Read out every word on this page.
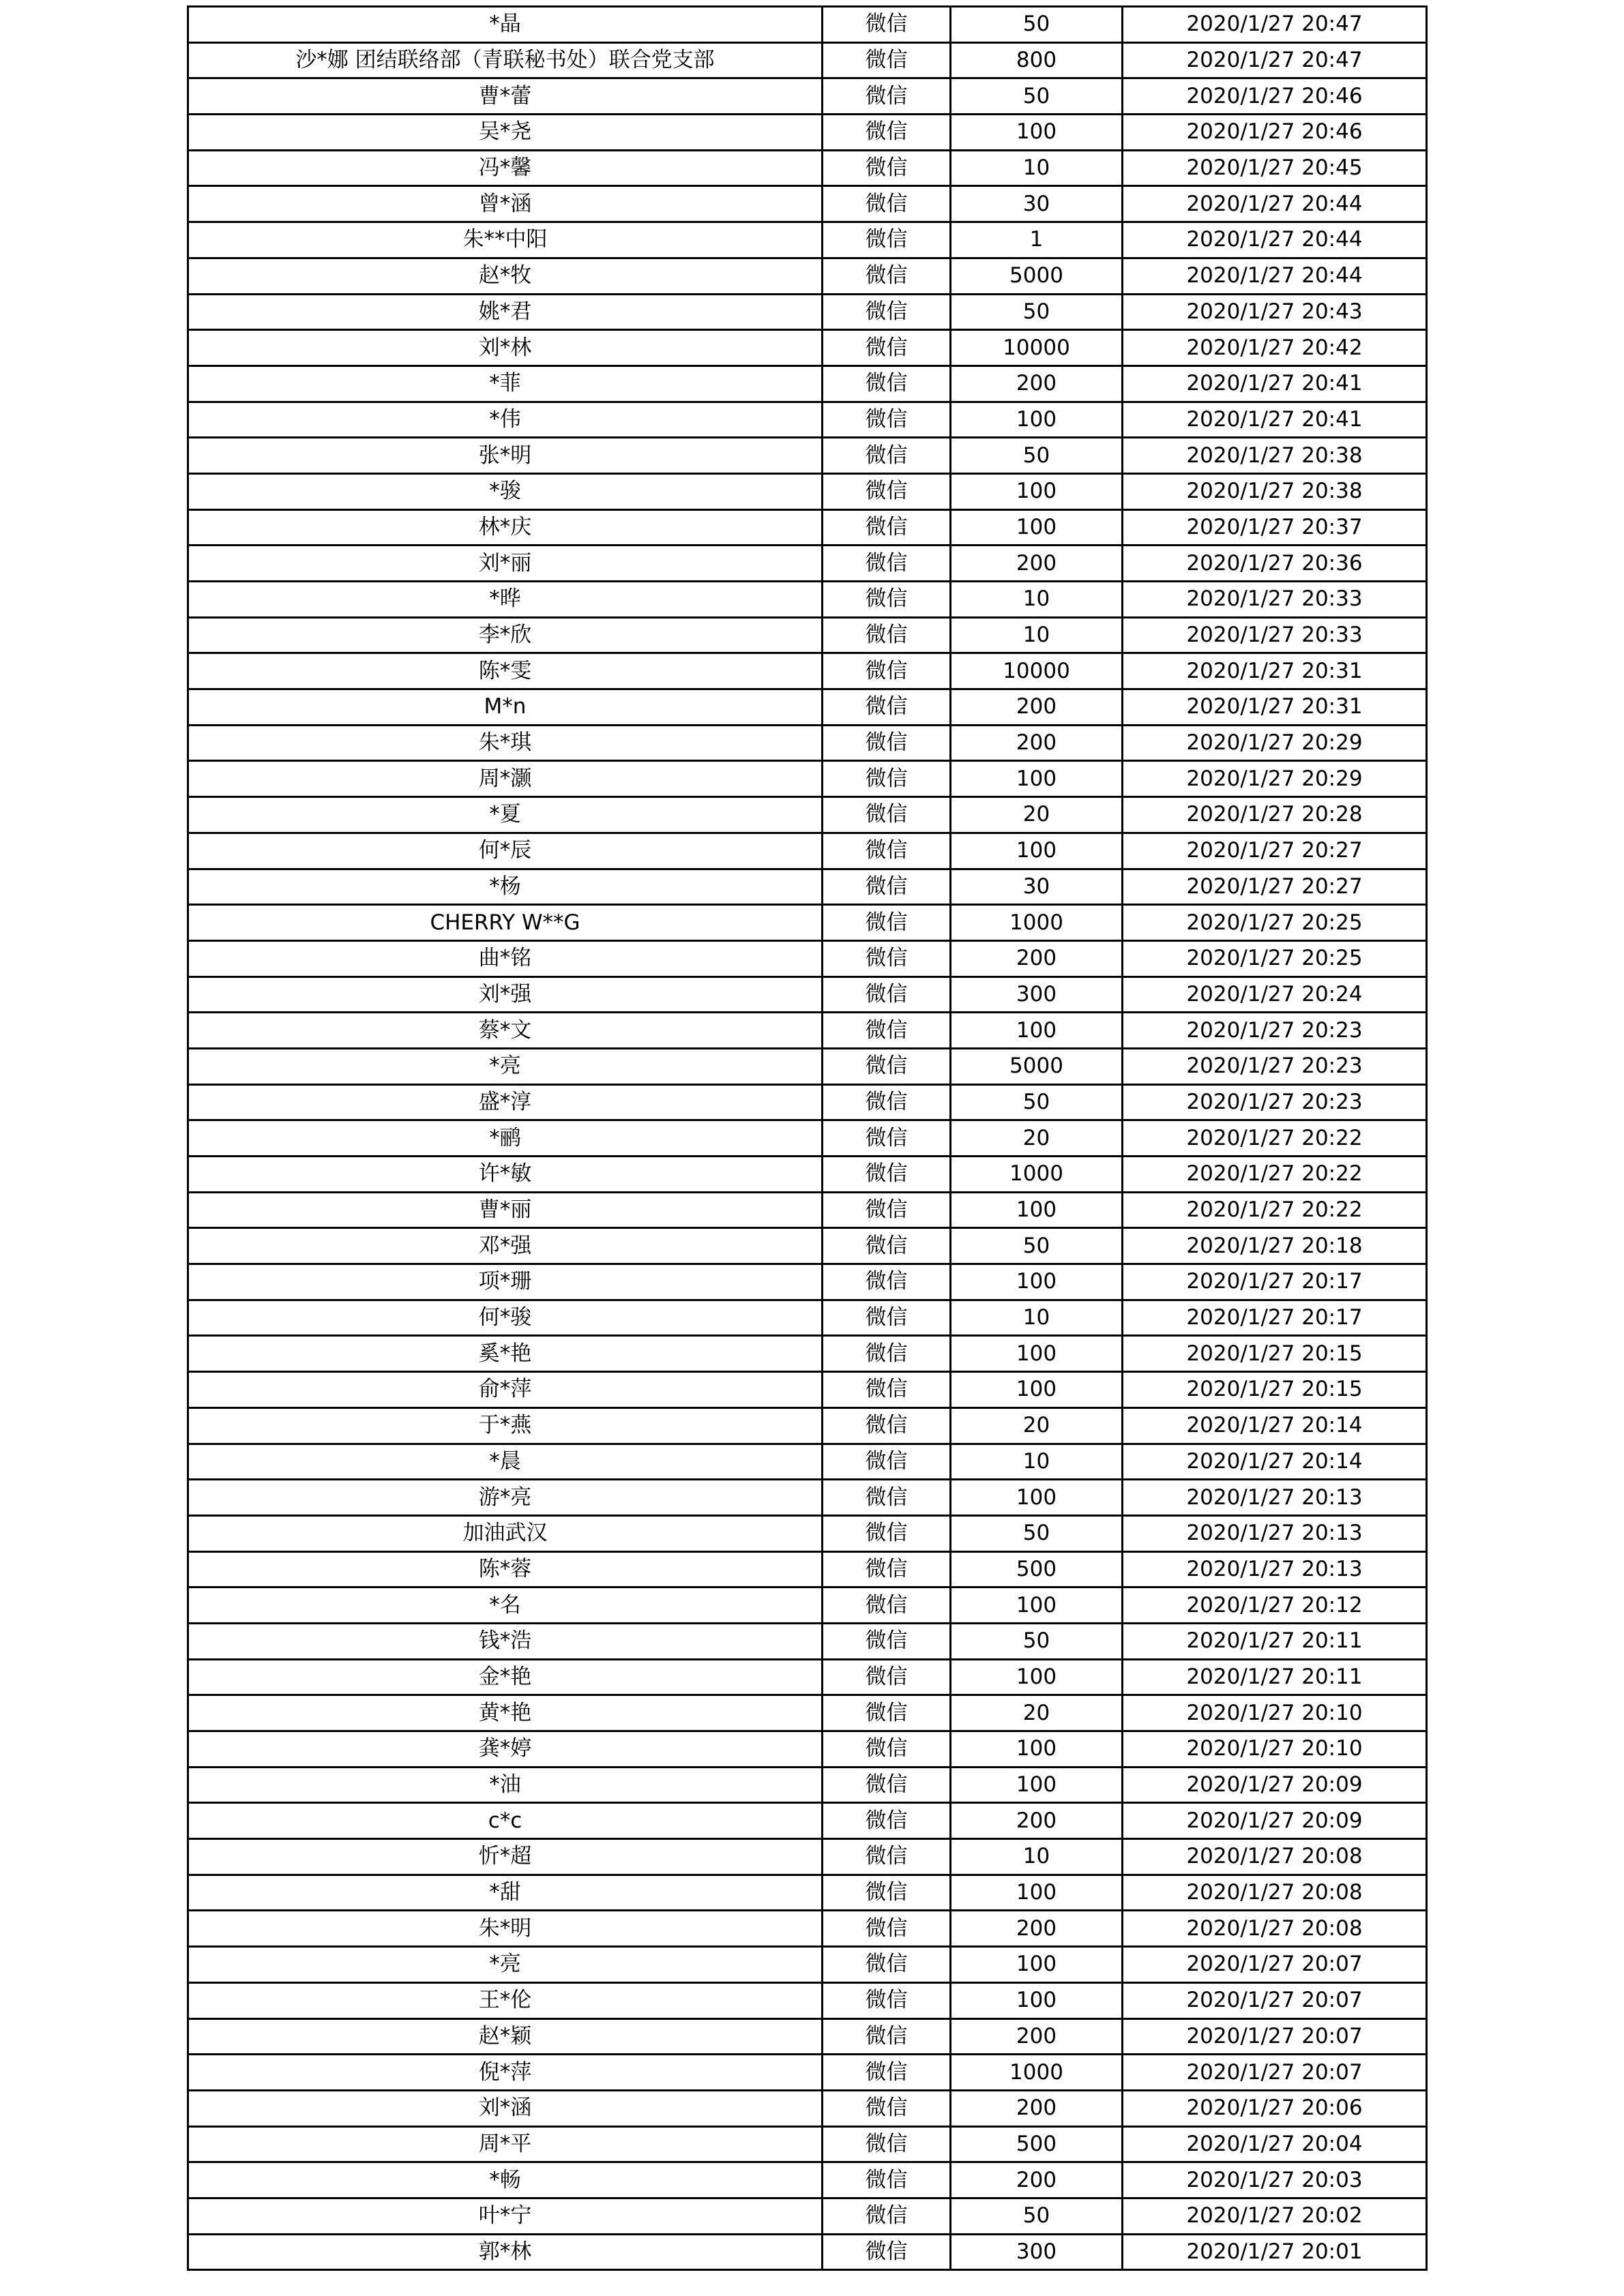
*晶	微信	50	2020/1/27 20:47
沙*娜 团结联络部（青联秘书处）联合党支部	微信	800	2020/1/27 20:47
曹*蕾	微信	50	2020/1/27 20:46
吴*尧	微信	100	2020/1/27 20:46
冯*馨	微信	10	2020/1/27 20:45
曾*涵	微信	30	2020/1/27 20:44
朱**中阳	微信	1	2020/1/27 20:44
赵*牧	微信	5000	2020/1/27 20:44
姚*君	微信	50	2020/1/27 20:43
刘*林	微信	10000	2020/1/27 20:42
*菲	微信	200	2020/1/27 20:41
*伟	微信	100	2020/1/27 20:41
张*明	微信	50	2020/1/27 20:38
*骏	微信	100	2020/1/27 20:38
林*庆	微信	100	2020/1/27 20:37
刘*丽	微信	200	2020/1/27 20:36
*晔	微信	10	2020/1/27 20:33
李*欣	微信	10	2020/1/27 20:33
陈*雯	微信	10000	2020/1/27 20:31
M*n	微信	200	2020/1/27 20:31
朱*琪	微信	200	2020/1/27 20:29
周*灏	微信	100	2020/1/27 20:29
*夏	微信	20	2020/1/27 20:28
何*辰	微信	100	2020/1/27 20:27
*杨	微信	30	2020/1/27 20:27
CHERRY W**G	微信	1000	2020/1/27 20:25
曲*铭	微信	200	2020/1/27 20:25
刘*强	微信	300	2020/1/27 20:24
蔡*文	微信	100	2020/1/27 20:23
*亮	微信	5000	2020/1/27 20:23
盛*淳	微信	50	2020/1/27 20:23
*鹂	微信	20	2020/1/27 20:22
许*敏	微信	1000	2020/1/27 20:22
曹*丽	微信	100	2020/1/27 20:22
邓*强	微信	50	2020/1/27 20:18
项*珊	微信	100	2020/1/27 20:17
何*骏	微信	10	2020/1/27 20:17
奚*艳	微信	100	2020/1/27 20:15
俞*萍	微信	100	2020/1/27 20:15
于*燕	微信	20	2020/1/27 20:14
*晨	微信	10	2020/1/27 20:14
游*亮	微信	100	2020/1/27 20:13
加油武汉	微信	50	2020/1/27 20:13
陈*蓉	微信	500	2020/1/27 20:13
*名	微信	100	2020/1/27 20:12
钱*浩	微信	50	2020/1/27 20:11
金*艳	微信	100	2020/1/27 20:11
黄*艳	微信	20	2020/1/27 20:10
龚*婷	微信	100	2020/1/27 20:10
*油	微信	100	2020/1/27 20:09
c*c	微信	200	2020/1/27 20:09
忻*超	微信	10	2020/1/27 20:08
*甜	微信	100	2020/1/27 20:08
朱*明	微信	200	2020/1/27 20:08
*亮	微信	100	2020/1/27 20:07
王*伦	微信	100	2020/1/27 20:07
赵*颖	微信	200	2020/1/27 20:07
倪*萍	微信	1000	2020/1/27 20:07
刘*涵	微信	200	2020/1/27 20:06
周*平	微信	500	2020/1/27 20:04
*畅	微信	200	2020/1/27 20:03
叶*宁	微信	50	2020/1/27 20:02
郭*林	微信	300	2020/1/27 20:01
